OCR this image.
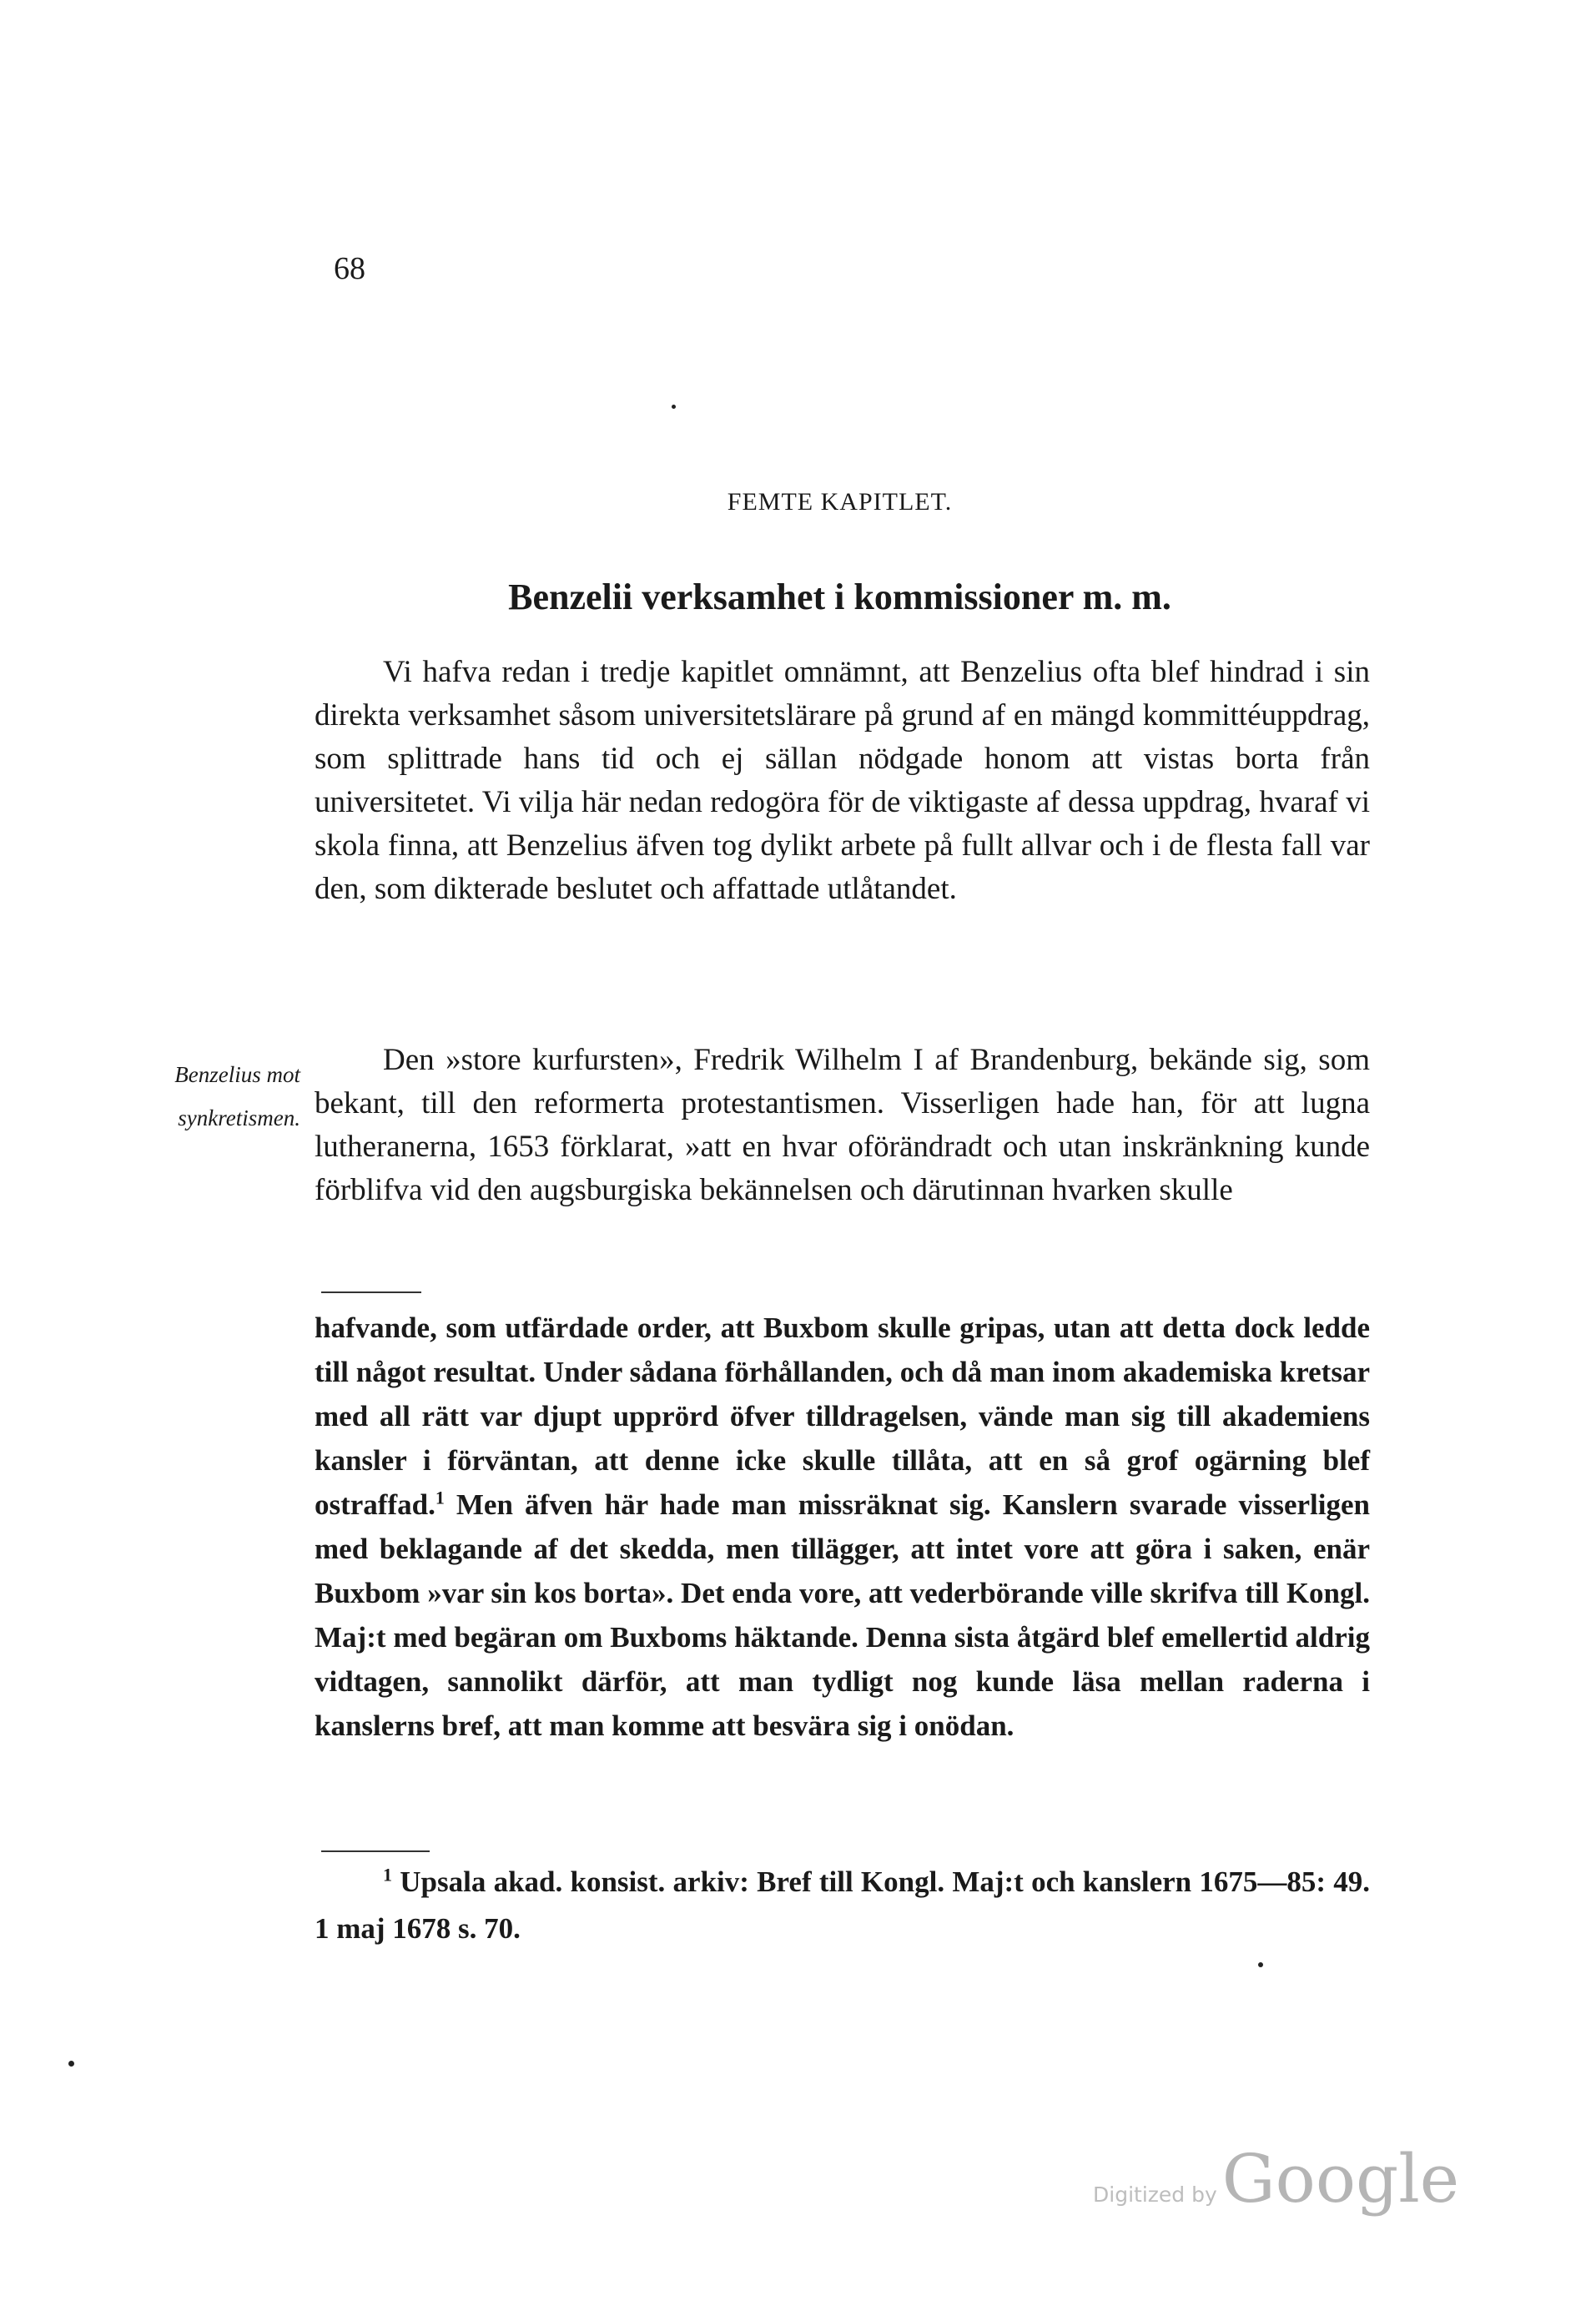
68
FEMTE KAPITLET.
Benzelii verksamhet i kommissioner m. m.

Vi hafva redan i tredje kapitlet omnämnt, att Benzelius ofta blef hindrad i sin direkta verksamhet såsom universitetslärare på grund af en mängd kommittéuppdrag, som splittrade hans tid och ej sällan nödgade honom att vistas borta från universitetet. Vi vilja här nedan redogöra för de viktigaste af dessa uppdrag, hvaraf vi skola finna, att Benzelius äfven tog dylikt arbete på fullt allvar och i de flesta fall var den, som dikterade beslutet och affattade utlåtandet.

Benzelius mot synkretismen.

Den »store kurfursten», Fredrik Wilhelm I af Brandenburg, bekände sig, som bekant, till den reformerta protestantismen. Visserligen hade han, för att lugna lutheranerna, 1653 förklarat, »att en hvar oförändradt och utan inskränkning kunde förblifva vid den augsburgiska bekännelsen och därutinnan hvarken skulle

hafvande, som utfärdade order, att Buxbom skulle gripas, utan att detta dock ledde till något resultat. Under sådana förhållanden, och då man inom akademiska kretsar med all rätt var djupt upprörd öfver tilldragelsen, vände man sig till akademiens kansler i förväntan, att denne icke skulle tillåta, att en så grof ogärning blef ostraffad.$^1$ Men äfven här hade man missräknat sig. Kanslern svarade visserligen med beklagande af det skedda, men tillägger, att intet vore att göra i saken, enär Buxbom »var sin kos borta». Det enda vore, att vederbörande ville skrifva till Kongl. Maj:t med begäran om Buxboms häktande. Denna sista åtgärd blef emellertid aldrig vidtagen, sannolikt därför, att man tydligt nog kunde läsa mellan raderna i kanslerns bref, att man komme att besvära sig i onödan.

$^1$ Upsala akad. konsist. arkiv: Bref till Kongl. Maj:t och kanslern 1675—85: 49. 1 maj 1678 s. 70.

Digitized by Google
